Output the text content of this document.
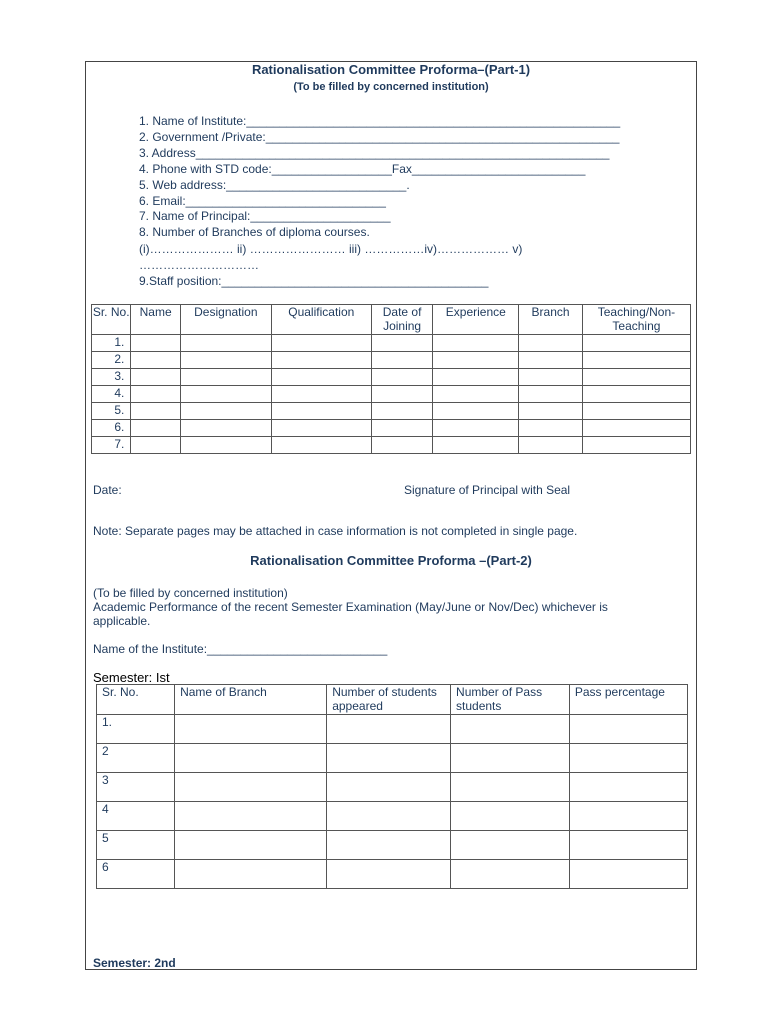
Rationalisation Committee Proforma–(Part-1)
(To be filled by concerned institution)
1. Name of Institute:________________________________________________________
2. Government /Private:_____________________________________________________
3. Address______________________________________________________________
4. Phone with STD code:__________________Fax__________________________
5. Web address:___________________________.
6. Email:______________________________
7. Name of Principal:_____________________
8. Number of Branches of diploma courses.
(i)………………… ii) …………………… iii) ……………iv)……………… v)
…………………………
9.Staff position:________________________________________
Sr. No.	Name	Designation	Qualification	Date of Joining	Experience	Branch	Teaching/Non-Teaching
1.							
2.							
3.							
4.							
5.							
6.							
7.							
Date:	Signature of Principal with Seal
Note: Separate pages may be attached in case information is not completed in single page.
Rationalisation Committee Proforma –(Part-2)
(To be filled by concerned institution)
Academic Performance of the recent Semester Examination (May/June or Nov/Dec) whichever is
applicable.
Name of the Institute:___________________________
Semester: Ist
Sr. No.	Name of Branch	Number of students appeared	Number of Pass students	Pass percentage
1.				
2				
3				
4				
5				
6				
Semester: 2nd
